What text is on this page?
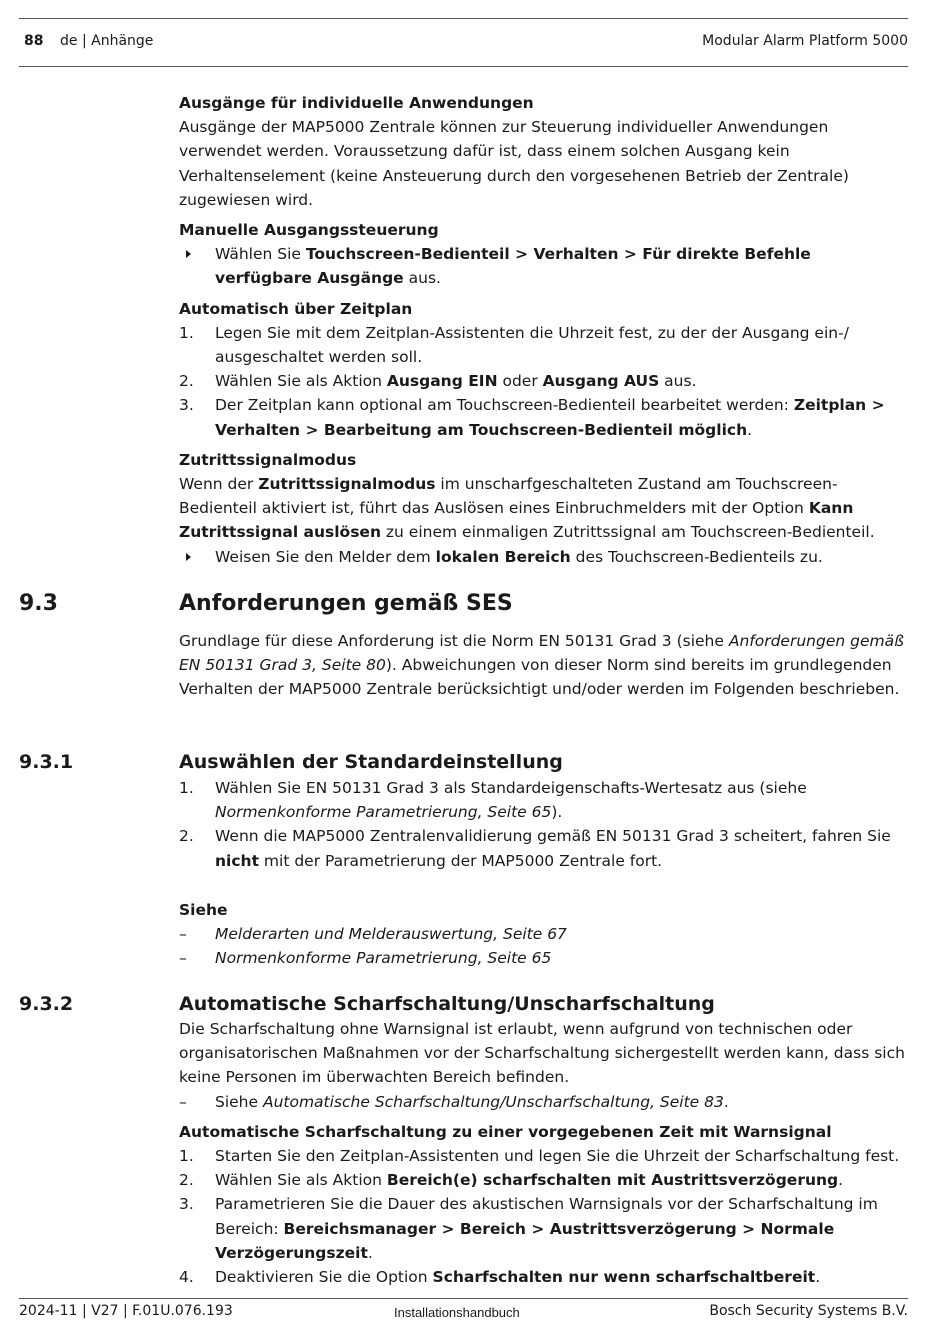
88 de | Anhänge	Modular Alarm Platform 5000

Ausgänge für individuelle Anwendungen

Ausgänge der MAP5000 Zentrale können zur Steuerung individueller Anwendungen verwendet werden. Voraussetzung dafür ist, dass einem solchen Ausgang kein Verhaltenselement (keine Ansteuerung durch den vorgesehenen Betrieb der Zentrale) zugewiesen wird.

Manuelle Ausgangssteuerung

Wählen Sie Touchscreen-Bedienteil > Verhalten > Für direkte Befehle verfügbare Ausgänge aus.

Automatisch über Zeitplan

1. Legen Sie mit dem Zeitplan-Assistenten die Uhrzeit fest, zu der der Ausgang ein-/ ausgeschaltet werden soll.
2. Wählen Sie als Aktion Ausgang EIN oder Ausgang AUS aus.
3. Der Zeitplan kann optional am Touchscreen-Bedienteil bearbeitet werden: Zeitplan > Verhalten > Bearbeitung am Touchscreen-Bedienteil möglich.

Zutrittssignalmodus

Wenn der Zutrittssignalmodus im unscharfgeschalteten Zustand am Touchscreen-Bedienteil aktiviert ist, führt das Auslösen eines Einbruchmelders mit der Option Kann Zutrittssignal auslösen zu einem einmaligen Zutrittssignal am Touchscreen-Bedienteil.

Weisen Sie den Melder dem lokalen Bereich des Touchscreen-Bedienteils zu.
9.3	Anforderungen gemäß SES

Grundlage für diese Anforderung ist die Norm EN 50131 Grad 3 (siehe Anforderungen gemäß EN 50131 Grad 3, Seite 80). Abweichungen von dieser Norm sind bereits im grundlegenden Verhalten der MAP5000 Zentrale berücksichtigt und/oder werden im Folgenden beschrieben.

9.3.1	Auswählen der Standardeinstellung
1. Wählen Sie EN 50131 Grad 3 als Standardeigenschafts-Wertesatz aus (siehe Normenkonforme Parametrierung, Seite 65).
2. Wenn die MAP5000 Zentralenvalidierung gemäß EN 50131 Grad 3 scheitert, fahren Sie nicht mit der Parametrierung der MAP5000 Zentrale fort.

Siehe

– Melderarten und Melderauswertung, Seite 67
– Normenkonforme Parametrierung, Seite 65
9.3.2	Automatische Scharfschaltung/Unscharfschaltung

Die Scharfschaltung ohne Warnsignal ist erlaubt, wenn aufgrund von technischen oder organisatorischen Maßnahmen vor der Scharfschaltung sichergestellt werden kann, dass sich keine Personen im überwachten Bereich befinden.

– Siehe Automatische Scharfschaltung/Unscharfschaltung, Seite 83.

Automatische Scharfschaltung zu einer vorgegebenen Zeit mit Warnsignal

1. Starten Sie den Zeitplan-Assistenten und legen Sie die Uhrzeit der Scharfschaltung fest.
2. Wählen Sie als Aktion Bereich(e) scharfschalten mit Austrittsverzögerung.
3. Parametrieren Sie die Dauer des akustischen Warnsignals vor der Scharfschaltung im Bereich: Bereichsmanager > Bereich > Austrittsverzögerung > Normale Verzögerungszeit.
4. Deaktivieren Sie die Option Scharfschalten nur wenn scharfschaltbereit.
2024-11 | V27 | F.01U.076.193	Installationshandbuch	Bosch Security Systems B.V.
